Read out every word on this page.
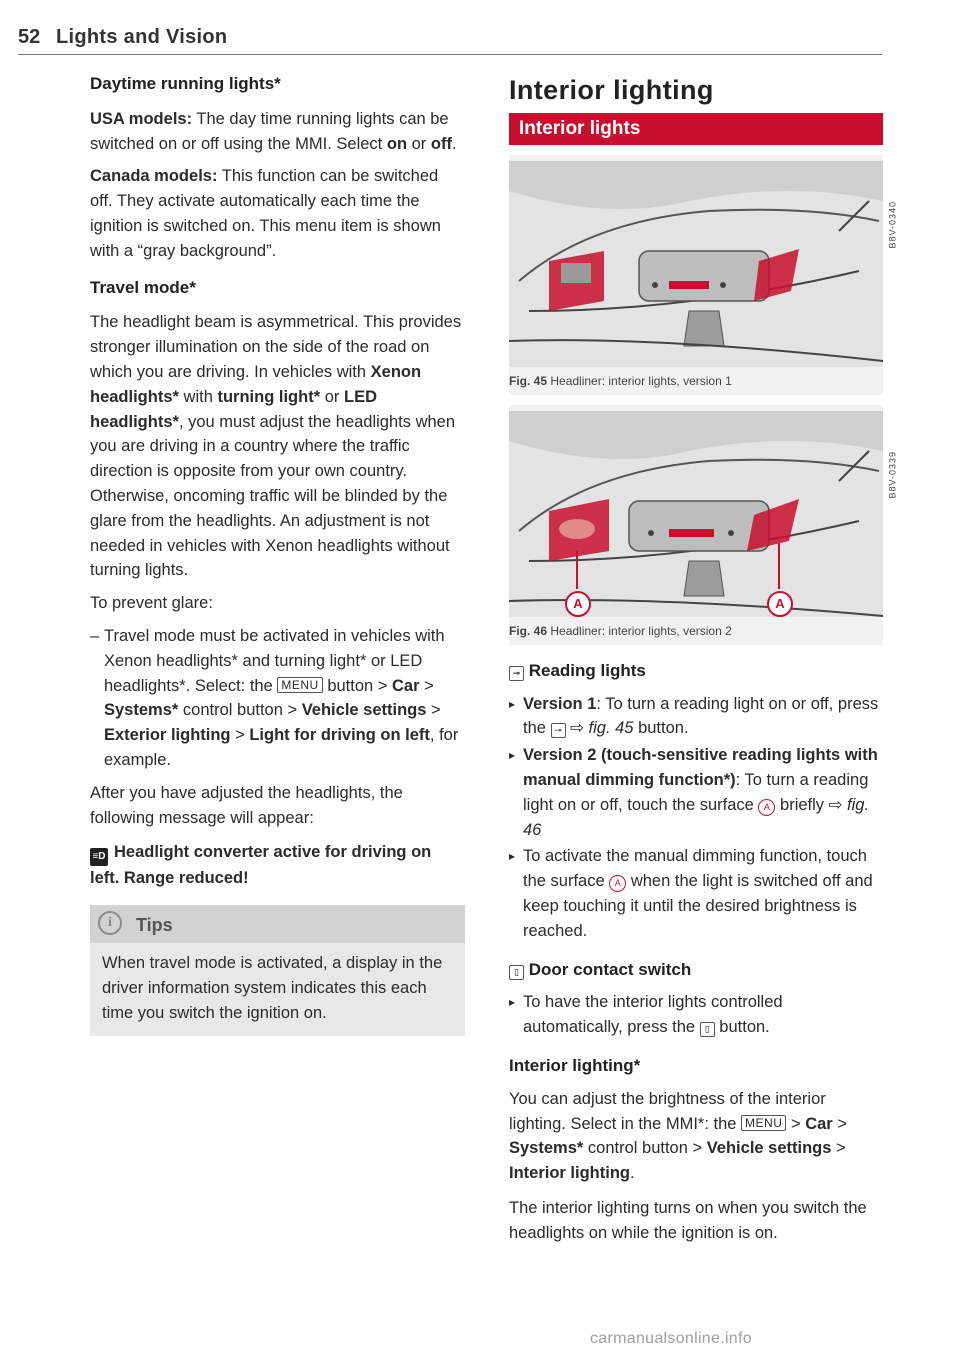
52 Lights and Vision
Daytime running lights*

USA models: The day time running lights can be switched on or off using the MMI. Select on or off.

Canada models: This function can be switched off. They activate automatically each time the ignition is switched on. This menu item is shown with a “gray background”.

Travel mode*

The headlight beam is asymmetrical. This provides stronger illumination on the side of the road on which you are driving. In vehicles with Xenon headlights* with turning light* or LED headlights*, you must adjust the headlights when you are driving in a country where the traffic direction is opposite from your own country. Otherwise, oncoming traffic will be blinded by the glare from the headlights. An adjustment is not needed in vehicles with Xenon headlights without turning lights.

To prevent glare:

– Travel mode must be activated in vehicles with Xenon headlights* and turning light* or LED headlights*. Select: the MENU button > Car > Systems* control button > Vehicle settings > Exterior lighting > Light for driving on left, for example.

After you have adjusted the headlights, the following message will appear:

≡D Headlight converter active for driving on left. Range reduced!

i	Tips
When travel mode is activated, a display in the driver information system indicates this each time you switch the ignition on.
Interior lighting
Interior lights
B8V-0340

Fig. 45 Headliner: interior lights, version 1

A	A
B8V-0339

Fig. 46 Headliner: interior lights, version 2

⊸ Reading lights
▸ Version 1: To turn a reading light on or off, press the ⊸ ⇨ fig. 45 button.
▸ Version 2 (touch-sensitive reading lights with manual dimming function*): To turn a reading light on or off, touch the surface A briefly ⇨ fig. 46
▸ To activate the manual dimming function, touch the surface A when the light is switched off and keep touching it until the desired brightness is reached.
▯ Door contact switch
▸ To have the interior lights controlled automatically, press the ▯ button.
Interior lighting*

You can adjust the brightness of the interior lighting. Select in the MMI*: the MENU > Car > Systems* control button > Vehicle settings > Interior lighting.

The interior lighting turns on when you switch the headlights on while the ignition is on.

carmanualsonline.info
